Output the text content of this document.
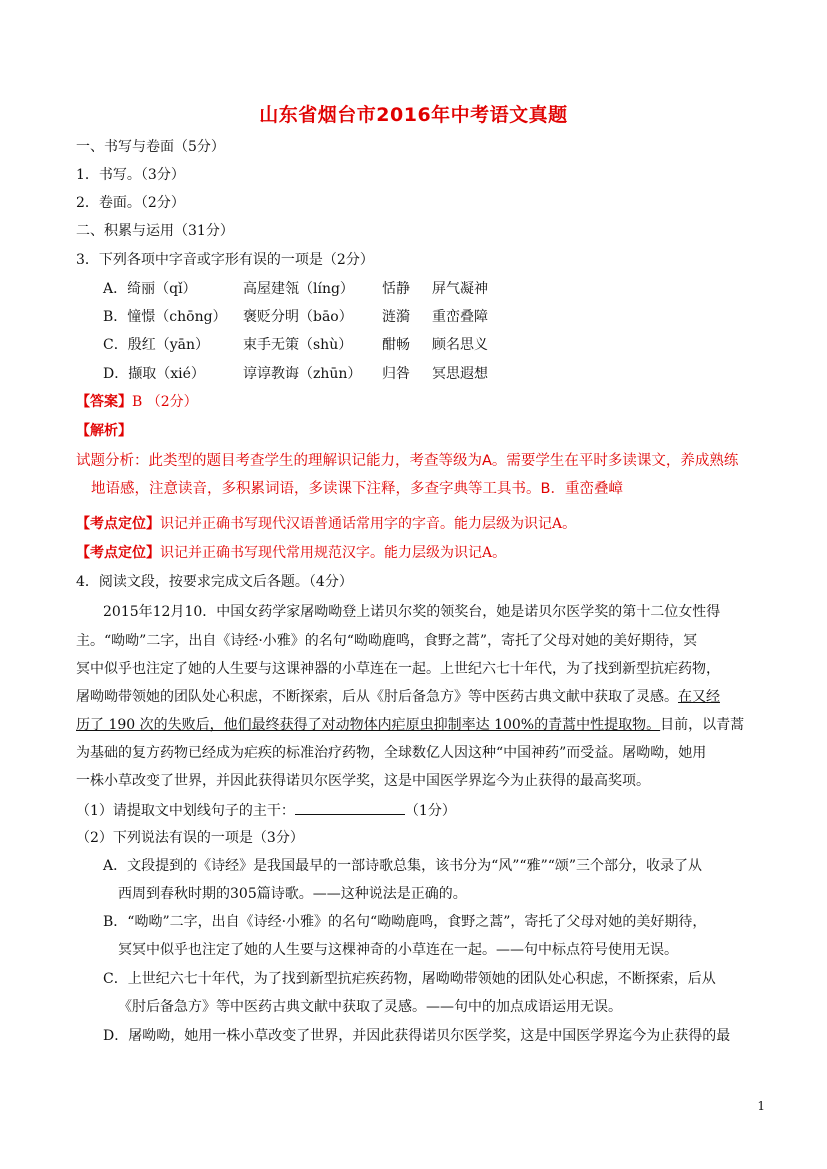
山东省烟台市2016年中考语文真题
一、书写与卷面（5分）
1．书写。（3分）
2．卷面。（2分）
二、积累与运用（31分）
3．下列各项中字音或字形有误的一项是（2分）
A．绮丽（qǐ）	高屋建瓴（líng） 恬静 屏气凝神
B．憧憬（chōng） 褒贬分明（bāo） 涟漪 重峦叠障
C．殷红（yān） 束手无策（shù） 酣畅 顾名思义
D．撷取（xié）	谆谆教诲（zhūn） 归咎 冥思遐想
【答案】B （2分）
【解析】
试题分析：此类型的题目考查学生的理解识记能力，考查等级为A。需要学生在平时多读课文，养成熟练
地语感，注意读音，多积累词语，多读课下注释，多查字典等工具书。B．重峦叠嶂
【考点定位】识记并正确书写现代汉语普通话常用字的字音。能力层级为识记A。
【考点定位】识记并正确书写现代常用规范汉字。能力层级为识记A。
4．阅读文段，按要求完成文后各题。（4分）
2015年12月10．中国女药学家屠呦呦登上诺贝尔奖的领奖台，她是诺贝尔医学奖的第十二位女性得
主。“呦呦”二字，出自《诗经·小雅》的名句“呦呦鹿鸣，食野之蒿”，寄托了父母对她的美好期待，冥
冥中似乎也注定了她的人生要与这课神器的小草连在一起。上世纪六七十年代，为了找到新型抗疟药物，
屠呦呦带领她的团队处心积虑，不断探索，后从《肘后备急方》等中医药古典文献中获取了灵感。在又经
历了 190 次的失败后，他们最终获得了对动物体内疟原虫抑制率达 100%的青蒿中性提取物。目前，以青蒿
为基础的复方药物已经成为疟疾的标准治疗药物，全球数亿人因这种“中国神药”而受益。屠呦呦，她用
一株小草改变了世界，并因此获得诺贝尔医学奖，这是中国医学界迄今为止获得的最高奖项。
（1）请提取文中划线句子的主干：	（1分）
（2）下列说法有误的一项是（3分）
A．文段提到的《诗经》是我国最早的一部诗歌总集，该书分为“风”“雅”“颂”三个部分，收录了从
西周到春秋时期的305篇诗歌。——这种说法是正确的。
B．“呦呦”二字，出自《诗经·小雅》的名句“呦呦鹿鸣，食野之蒿”，寄托了父母对她的美好期待，
冥冥中似乎也注定了她的人生要与这棵神奇的小草连在一起。——句中标点符号使用无误。
C．上世纪六七十年代，为了找到新型抗疟疾药物，屠呦呦带领她的团队处心积虑，不断探索，后从
《肘后备急方》等中医药古典文献中获取了灵感。——句中的加点成语运用无误。
D．屠呦呦，她用一株小草改变了世界，并因此获得诺贝尔医学奖，这是中国医学界迄今为止获得的最
1
